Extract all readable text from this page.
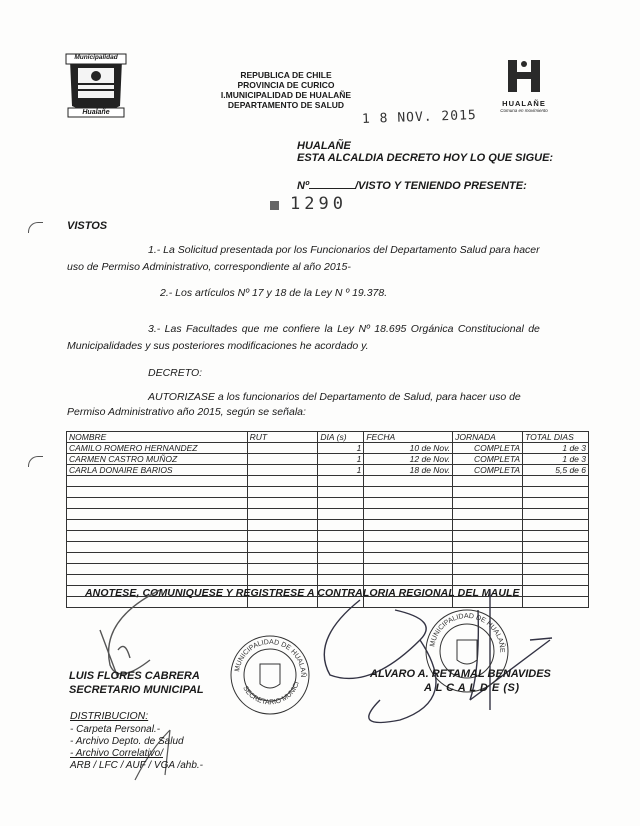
Municipalidad
Hualañe
REPUBLICA DE CHILE
PROVINCIA DE CURICO
I.MUNICIPALIDAD DE HUALAÑE
DEPARTAMENTO DE SALUD	HUALAÑE
Comuna en movimiento
1 8 NOV. 2015
HUALAÑE
ESTA ALCALDIA DECRETO HOY LO QUE SIGUE:
Nº	/VISTO Y TENIENDO PRESENTE:
1290
VISTOS
1.- La Solicitud presentada por los Funcionarios del Departamento Salud para hacer
uso de Permiso Administrativo, correspondiente al año 2015-
2.- Los artículos Nº 17 y 18 de la Ley N º 19.378.
3.- Las Facultades que me confiere la Ley Nº 18.695 Orgánica Constitucional de
Municipalidades y sus posteriores modificaciones he acordado y.
DECRETO:
AUTORIZASE a los funcionarios del Departamento de Salud, para hacer uso de
Permiso Administrativo año 2015, según se señala:
NOMBRE	RUT	DIA (s)	FECHA	JORNADA	TOTAL DIAS
CAMILO ROMERO HERNANDEZ		1	10 de Nov.	COMPLETA	1 de 3
CARMEN CASTRO MUÑOZ		1	12 de Nov.	COMPLETA	1 de 3
CARLA DONAIRE BARIOS		1	18 de Nov.	COMPLETA	5,5 de 6

ANOTESE, COMUNIQUESE Y REGISTRESE A CONTRALORIA REGIONAL DEL MAULE
MUNICIPALIDAD DE HUALAÑ
SECRETARIO MUNICI
MUNICIPALIDAD DE HUALAÑE
LUIS FLORES CABRERA
SECRETARIO MUNICIPAL
ALVARO A. RETAMAL BENAVIDES
A L C A L D E (S)
DISTRIBUCION:
- Carpeta Personal.-
- Archivo Depto. de Salud
- Archivo Correlativo/
ARB / LFC / AUF / VGA /ahb.-
